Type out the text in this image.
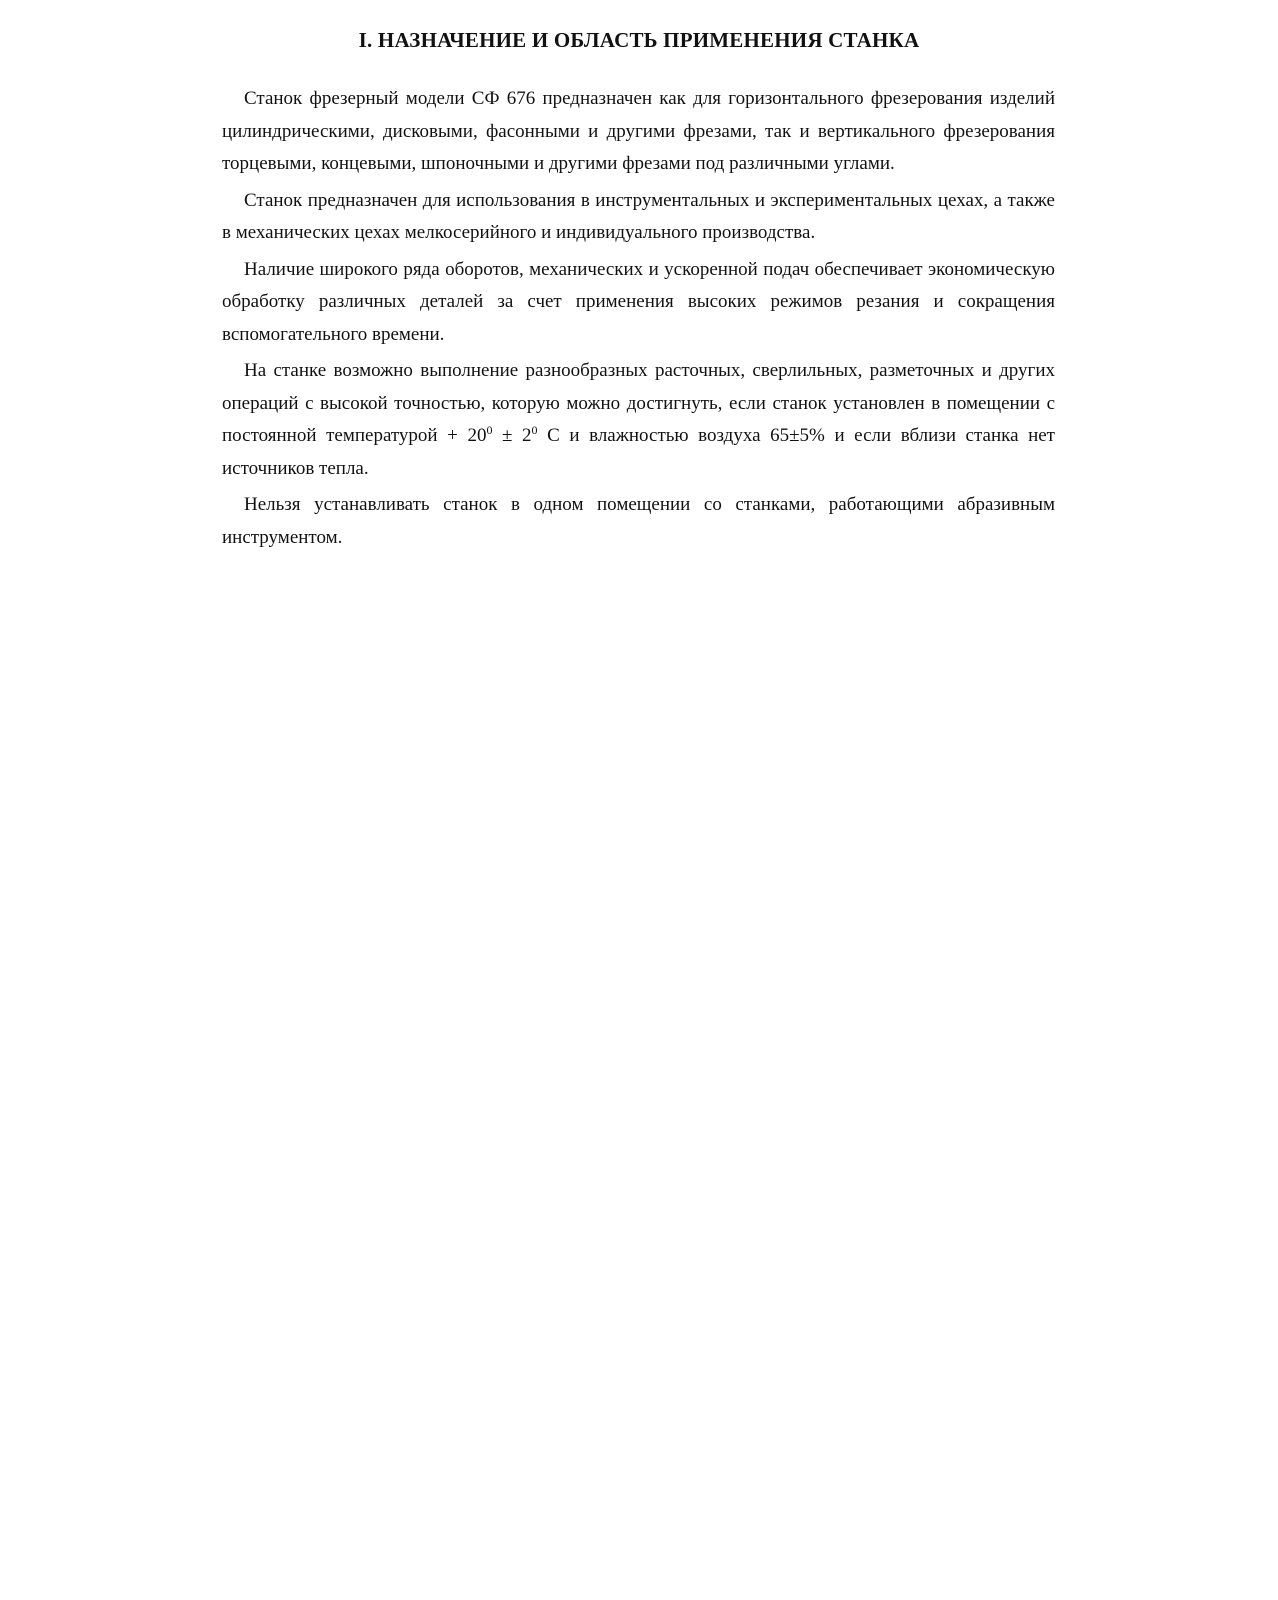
I. НАЗНАЧЕНИЕ И ОБЛАСТЬ ПРИМЕНЕНИЯ СТАНКА

Станок фрезерный модели СФ 676 предназначен как для горизонтального фрезерования изделий цилиндрическими, дисковыми, фасонными и другими фрезами, так и вертикального фрезерования торцевыми, концевыми, шпоночными и другими фрезами под различными углами.

Станок предназначен для использования в инструментальных и экспериментальных цехах, а также в механических цехах мелкосерийного и индивидуального производства.

Наличие широкого ряда оборотов, механических и ускоренной подач обеспечивает экономическую обработку различных деталей за счет применения высоких режимов резания и сокращения вспомогательного времени.

На станке возможно выполнение разнообразных расточных, сверлильных, разметочных и других операций с высокой точностью, которую можно достигнуть, если станок установлен в помещении с постоянной температурой + $20^0 \pm 2^0$ С и влажностью воздуха 65±5% и если вблизи станка нет источников тепла.

Нельзя устанавливать станок в одном помещении со станками, работающими абразивным инструментом.
